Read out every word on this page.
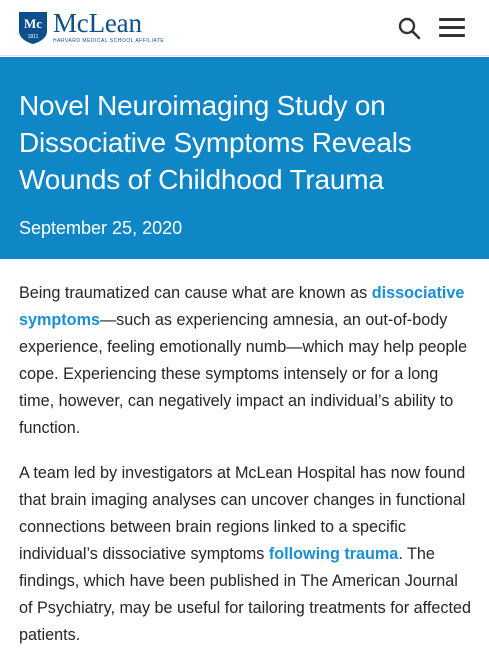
Mc
1811 McLean
HARVARD MEDICAL SCHOOL AFFILIATE
Novel Neuroimaging Study on Dissociative Symptoms Reveals Wounds of Childhood Trauma
September 25, 2020

Being traumatized can cause what are known as dissociative symptoms—such as experiencing amnesia, an out-of-body experience, feeling emotionally numb—which may help people cope. Experiencing these symptoms intensely or for a long time, however, can negatively impact an individual’s ability to function.

A team led by investigators at McLean Hospital has now found that brain imaging analyses can uncover changes in functional connections between brain regions linked to a specific individual’s dissociative symptoms following trauma. The findings, which have been published in The American Journal of Psychiatry, may be useful for tailoring treatments for affected patients.
